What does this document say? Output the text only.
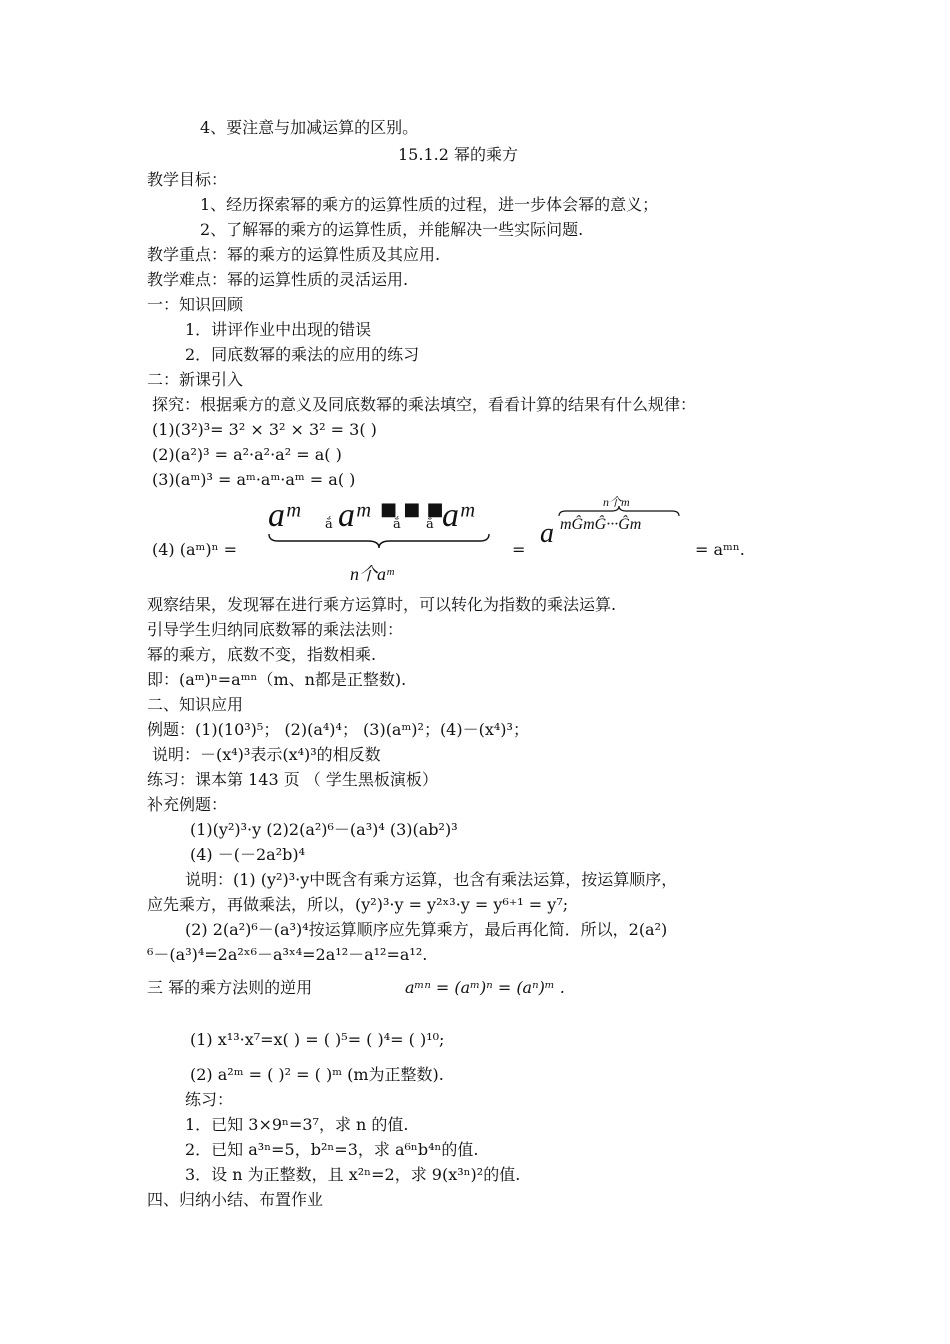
4、要注意与加减运算的区别。
15.1.2 幂的乘方
教学目标：
1、经历探索幂的乘方的运算性质的过程，进一步体会幂的意义；
2、了解幂的乘方的运算性质，并能解决一些实际问题.
教学重点：幂的乘方的运算性质及其应用.
教学难点：幂的运算性质的灵活运用.
一：知识回顾
1．讲评作业中出现的错误
2．同底数幂的乘法的应用的练习
二：新课引入
探究：根据乘方的意义及同底数幂的乘法填空，看看计算的结果有什么规律：
(1)(3²)³= 3² × 3² × 3² = 3( )
(2)(a²)³ = a²·a²·a² = a( )
(3)(aᵐ)³ = aᵐ·aᵐ·aᵐ = a( )
(4) (aᵐ)ⁿ =
aᵐ ắ aᵐ ắ
■ ■ ■
ắ aᵐ
n个aᵐ
=
a mĜmĜ···Ĝm
n个m
= aᵐⁿ.
观察结果，发现幂在进行乘方运算时，可以转化为指数的乘法运算.
引导学生归纳同底数幂的乘法法则：
幂的乘方，底数不变，指数相乘.
即：(aᵐ)ⁿ=aᵐⁿ（m、n都是正整数).
二、知识应用
例题：(1)(10³)⁵； (2)(a⁴)⁴； (3)(aᵐ)²；(4)－(x⁴)³；
说明：－(x⁴)³表示(x⁴)³的相反数
练习：课本第 143 页 （ 学生黑板演板）
补充例题：
(1)(y²)³·y (2)2(a²)⁶－(a³)⁴ (3)(ab²)³
(4) －(－2a²b)⁴
说明：(1) (y²)³·y中既含有乘方运算，也含有乘法运算，按运算顺序，
应先乘方，再做乘法，所以，(y²)³·y = y²ˣ³·y = y⁶⁺¹ = y⁷;
(2) 2(a²)⁶－(a³)⁴按运算顺序应先算乘方，最后再化简．所以，2(a²)
⁶－(a³)⁴=2a²ˣ⁶－a³ˣ⁴=2a¹²－a¹²=a¹².
三 幂的乘方法则的逆用	aᵐⁿ = (aᵐ)ⁿ = (aⁿ)ᵐ .
(1) x¹³·x⁷=x( ) = ( )⁵= ( )⁴= ( )¹⁰;
(2) a²ᵐ = ( )² = ( )ᵐ (m为正整数).
练习：
1．已知 3×9ⁿ=3⁷，求 n 的值.
2．已知 a³ⁿ=5，b²ⁿ=3，求 a⁶ⁿb⁴ⁿ的值.
3．设 n 为正整数，且 x²ⁿ=2，求 9(x³ⁿ)²的值.
四、归纳小结、布置作业
